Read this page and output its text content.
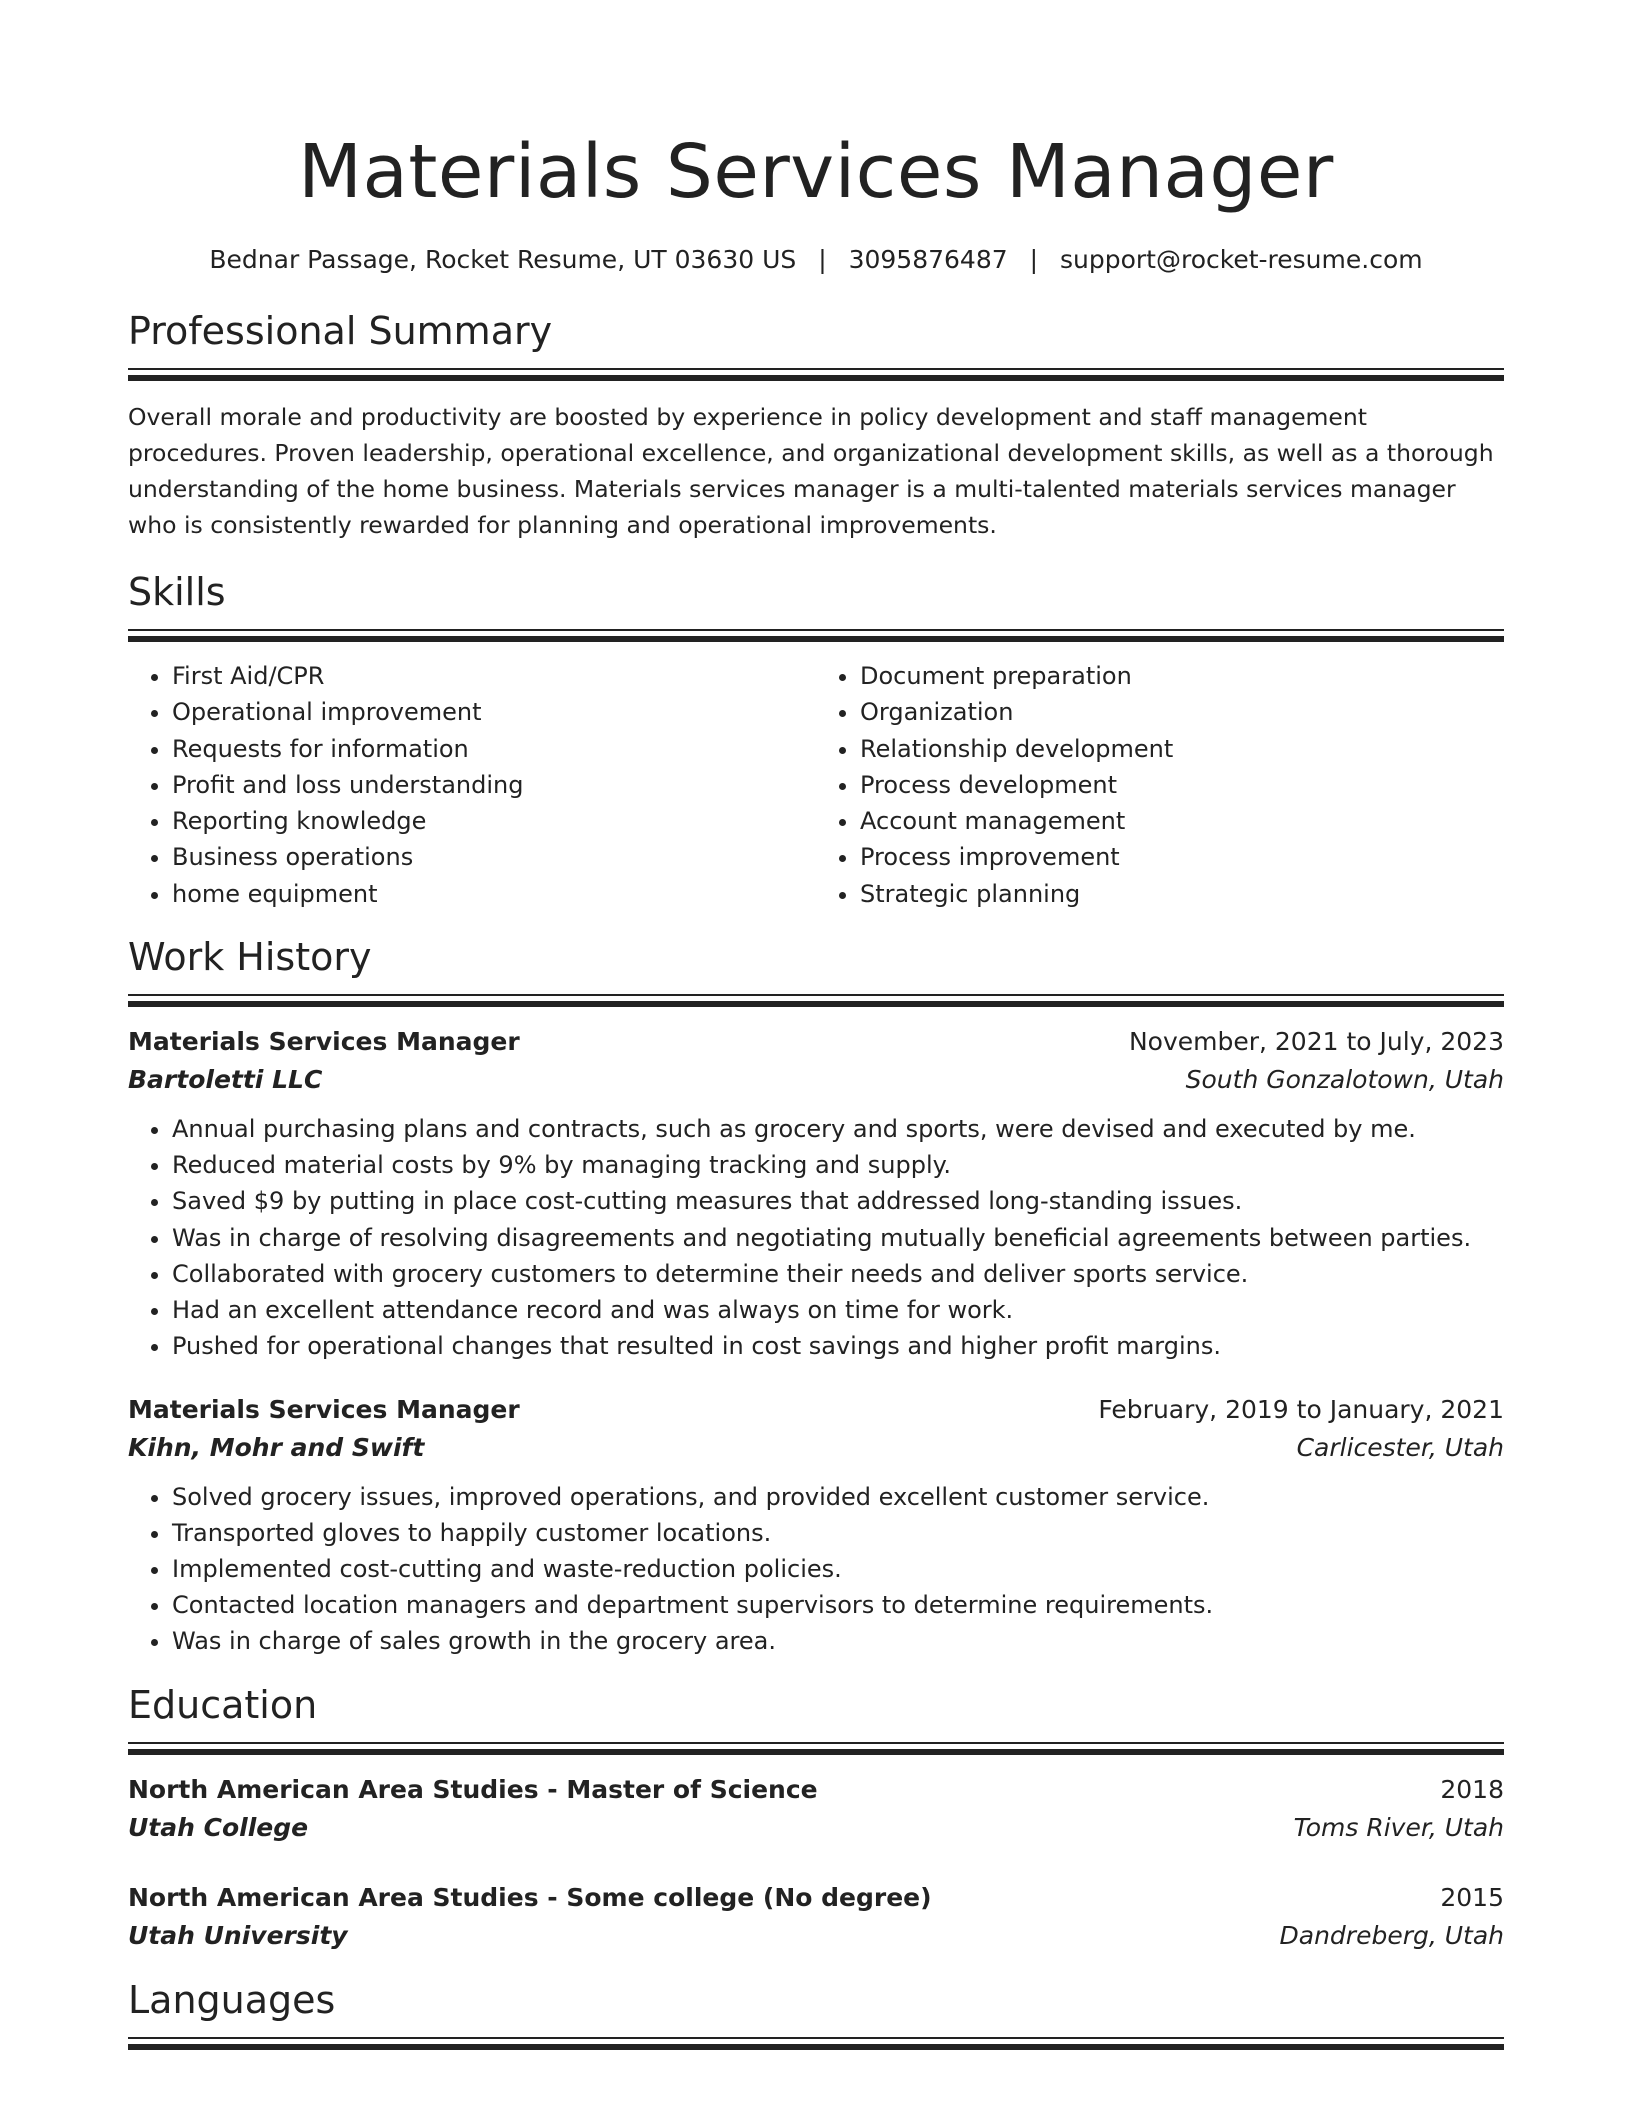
Materials Services Manager
Bednar Passage, Rocket Resume, UT 03630 US | 3095876487 | support@rocket-resume.com
Professional Summary

Overall morale and productivity are boosted by experience in policy development and staff management procedures. Proven leadership, operational excellence, and organizational development skills, as well as a thorough understanding of the home business. Materials services manager is a multi-talented materials services manager who is consistently rewarded for planning and operational improvements.

Skills
• First Aid/CPR
• Operational improvement
• Requests for information
• Profit and loss understanding
• Reporting knowledge
• Business operations
• home equipment
• Document preparation
• Organization
• Relationship development
• Process development
• Account management
• Process improvement
• Strategic planning
Work History
Materials Services Manager	November, 2021 to July, 2023
Bartoletti LLC	South Gonzalotown, Utah
• Annual purchasing plans and contracts, such as grocery and sports, were devised and executed by me.
• Reduced material costs by 9% by managing tracking and supply.
• Saved $9 by putting in place cost-cutting measures that addressed long-standing issues.
• Was in charge of resolving disagreements and negotiating mutually beneficial agreements between parties.
• Collaborated with grocery customers to determine their needs and deliver sports service.
• Had an excellent attendance record and was always on time for work.
• Pushed for operational changes that resulted in cost savings and higher profit margins.
Materials Services Manager	February, 2019 to January, 2021
Kihn, Mohr and Swift	Carlicester, Utah
• Solved grocery issues, improved operations, and provided excellent customer service.
• Transported gloves to happily customer locations.
• Implemented cost-cutting and waste-reduction policies.
• Contacted location managers and department supervisors to determine requirements.
• Was in charge of sales growth in the grocery area.
Education
North American Area Studies - Master of Science	2018
Utah College	Toms River, Utah
North American Area Studies - Some college (No degree)	2015
Utah University	Dandreberg, Utah
Languages
